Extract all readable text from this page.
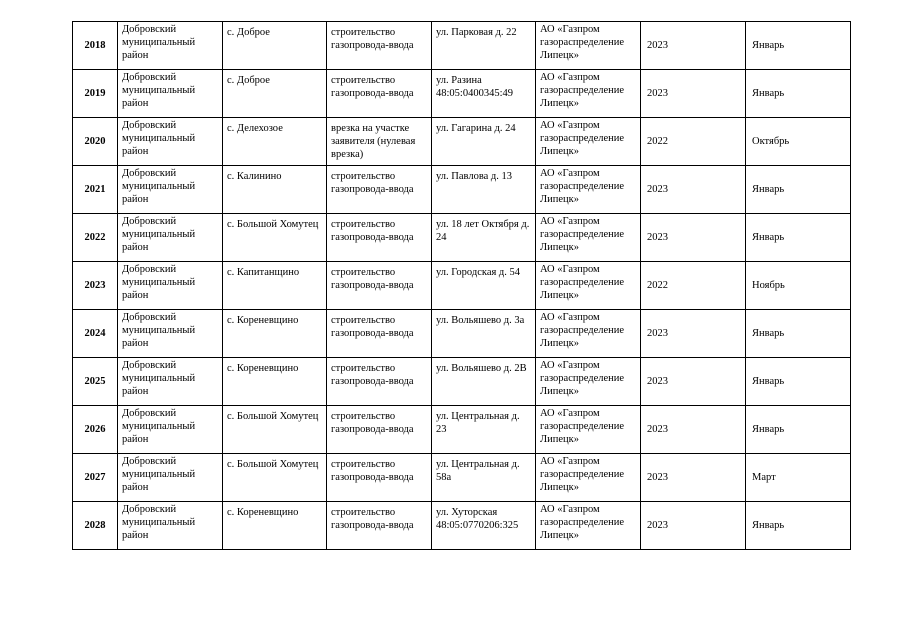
2018	Добровский муниципальный район	с. Доброе	строительство газопровода-ввода	ул. Парковая д. 22	АО «Газпром газораспределение Липецк»	2023	Январь
2019	Добровский муниципальный район	с. Доброе	строительство газопровода-ввода	ул. Разина 48:05:0400345:49	АО «Газпром газораспределение Липецк»	2023	Январь
2020	Добровский муниципальный район	с. Делехозое	врезка на участке заявителя (нулевая врезка)	ул. Гагарина д. 24	АО «Газпром газораспределение Липецк»	2022	Октябрь
2021	Добровский муниципальный район	с. Калинино	строительство газопровода-ввода	ул. Павлова д. 13	АО «Газпром газораспределение Липецк»	2023	Январь
2022	Добровский муниципальный район	с. Большой Хомутец	строительство газопровода-ввода	ул. 18 лет Октября д. 24	АО «Газпром газораспределение Липецк»	2023	Январь
2023	Добровский муниципальный район	с. Капитанщино	строительство газопровода-ввода	ул. Городская д. 54	АО «Газпром газораспределение Липецк»	2022	Ноябрь
2024	Добровский муниципальный район	с. Кореневщино	строительство газопровода-ввода	ул. Вольяшево д. 3а	АО «Газпром газораспределение Липецк»	2023	Январь
2025	Добровский муниципальный район	с. Кореневщино	строительство газопровода-ввода	ул. Вольяшево д. 2В	АО «Газпром газораспределение Липецк»	2023	Январь
2026	Добровский муниципальный район	с. Большой Хомутец	строительство газопровода-ввода	ул. Центральная д. 23	АО «Газпром газораспределение Липецк»	2023	Январь
2027	Добровский муниципальный район	с. Большой Хомутец	строительство газопровода-ввода	ул. Центральная д. 58а	АО «Газпром газораспределение Липецк»	2023	Март
2028	Добровский муниципальный район	с. Кореневщино	строительство газопровода-ввода	ул. Хуторская 48:05:0770206:325	АО «Газпром газораспределение Липецк»	2023	Январь
